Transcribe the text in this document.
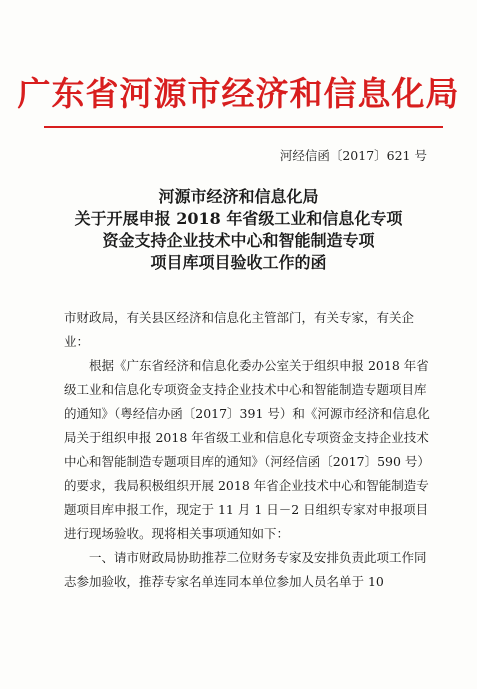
广东省河源市经济和信息化局
河经信函〔2017〕621 号
河源市经济和信息化局
关于开展申报 2018 年省级工业和信息化专项
资金支持企业技术中心和智能制造专项
项目库项目验收工作的函

市财政局，有关县区经济和信息化主管部门，有关专家，有关企业：

根据《广东省经济和信息化委办公室关于组织申报 2018 年省级工业和信息化专项资金支持企业技术中心和智能制造专题项目库的通知》（粤经信办函〔2017〕391 号）和《河源市经济和信息化局关于组织申报 2018 年省级工业和信息化专项资金支持企业技术中心和智能制造专题项目库的通知》（河经信函〔2017〕590 号）的要求，我局积极组织开展 2018 年省企业技术中心和智能制造专题项目库申报工作，现定于 11 月 1 日－2 日组织专家对申报项目进行现场验收。现将相关事项通知如下：

一、请市财政局协助推荐二位财务专家及安排负责此项工作同志参加验收，推荐专家名单连同本单位参加人员名单于 10
